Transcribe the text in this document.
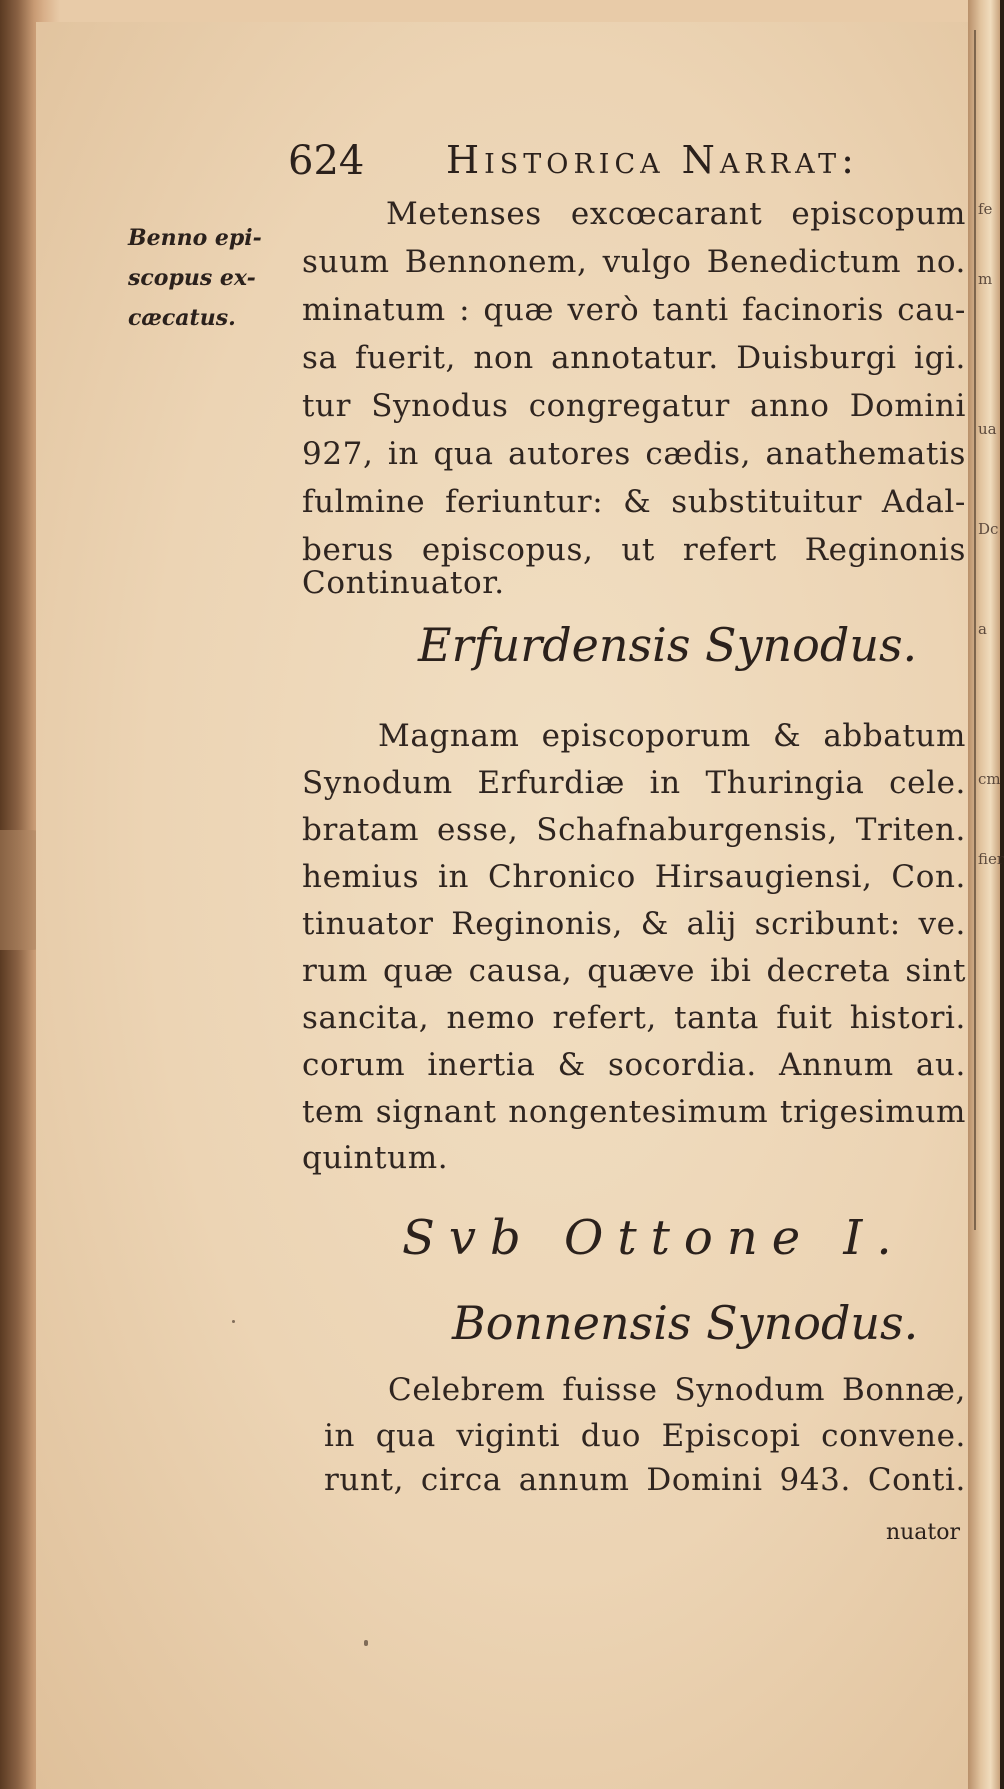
fe
m
ua
Dc
a
cm
fier
624 Historica Narrat:
Benno epi-
scopus ex-
cæcatus.
Metenses excœcarant episcopum
suum Bennonem, vulgo Benedictum no.
minatum : quæ verò tanti facinoris cau-
sa fuerit, non annotatur. Duisburgi igi.
tur Synodus congregatur anno Domini
927, in qua autores cædis, anathematis
fulmine feriuntur: & substituitur Adal-
berus episcopus, ut refert Reginonis
Continuator.
Erfurdensis Synodus.
Magnam episcoporum & abbatum
Synodum Erfurdiæ in Thuringia cele.
bratam esse, Schafnaburgensis, Triten.
hemius in Chronico Hirsaugiensi, Con.
tinuator Reginonis, & alij scribunt: ve.
rum quæ causa, quæve ibi decreta sint
sancita, nemo refert, tanta fuit histori.
corum inertia & socordia. Annum au.
tem signant nongentesimum trigesimum
quintum.
Svb Ottone I.
Bonnensis Synodus.
Celebrem fuisse Synodum Bonnæ,
in qua viginti duo Episcopi convene.
runt, circa annum Domini 943. Conti.
nuator
